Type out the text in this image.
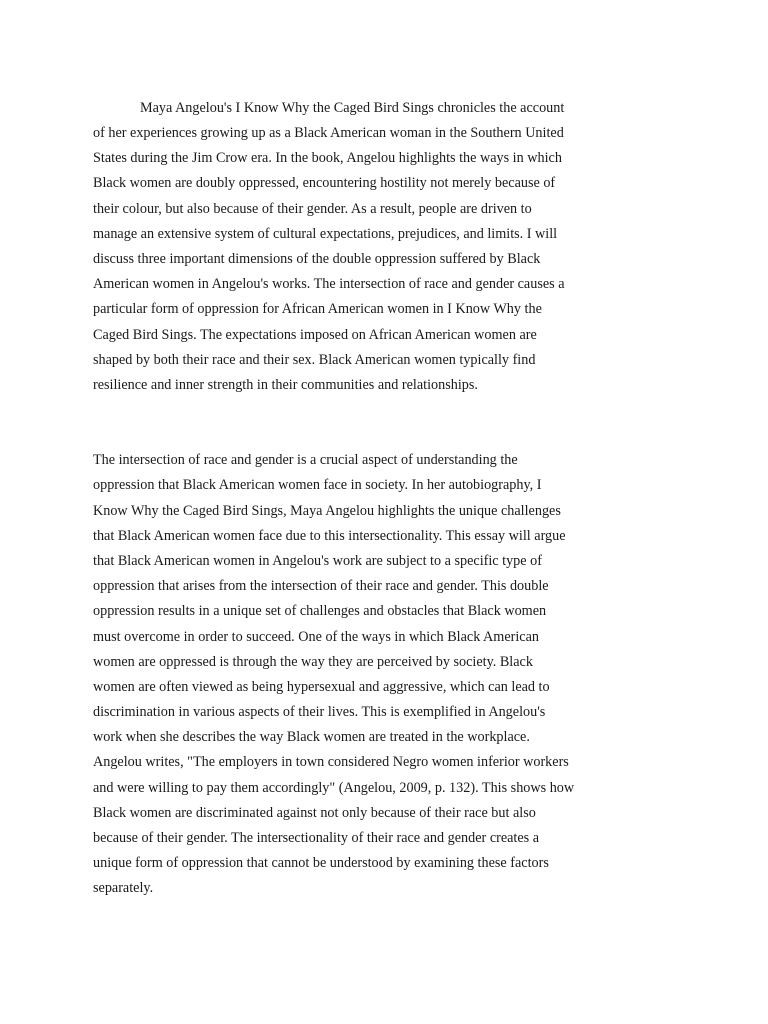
Maya Angelou's I Know Why the Caged Bird Sings chronicles the account

of her experiences growing up as a Black American woman in the Southern United

States during the Jim Crow era. In the book, Angelou highlights the ways in which

Black women are doubly oppressed, encountering hostility not merely because of

their colour, but also because of their gender. As a result, people are driven to

manage an extensive system of cultural expectations, prejudices, and limits. I will

discuss three important dimensions of the double oppression suffered by Black

American women in Angelou's works. The intersection of race and gender causes a

particular form of oppression for African American women in I Know Why the

Caged Bird Sings. The expectations imposed on African American women are

shaped by both their race and their sex. Black American women typically find

resilience and inner strength in their communities and relationships.

The intersection of race and gender is a crucial aspect of understanding the

oppression that Black American women face in society. In her autobiography, I

Know Why the Caged Bird Sings, Maya Angelou highlights the unique challenges

that Black American women face due to this intersectionality. This essay will argue

that Black American women in Angelou's work are subject to a specific type of

oppression that arises from the intersection of their race and gender. This double

oppression results in a unique set of challenges and obstacles that Black women

must overcome in order to succeed. One of the ways in which Black American

women are oppressed is through the way they are perceived by society. Black

women are often viewed as being hypersexual and aggressive, which can lead to

discrimination in various aspects of their lives. This is exemplified in Angelou's

work when she describes the way Black women are treated in the workplace.

Angelou writes, "The employers in town considered Negro women inferior workers

and were willing to pay them accordingly" (Angelou, 2009, p. 132). This shows how

Black women are discriminated against not only because of their race but also

because of their gender. The intersectionality of their race and gender creates a

unique form of oppression that cannot be understood by examining these factors

separately.
